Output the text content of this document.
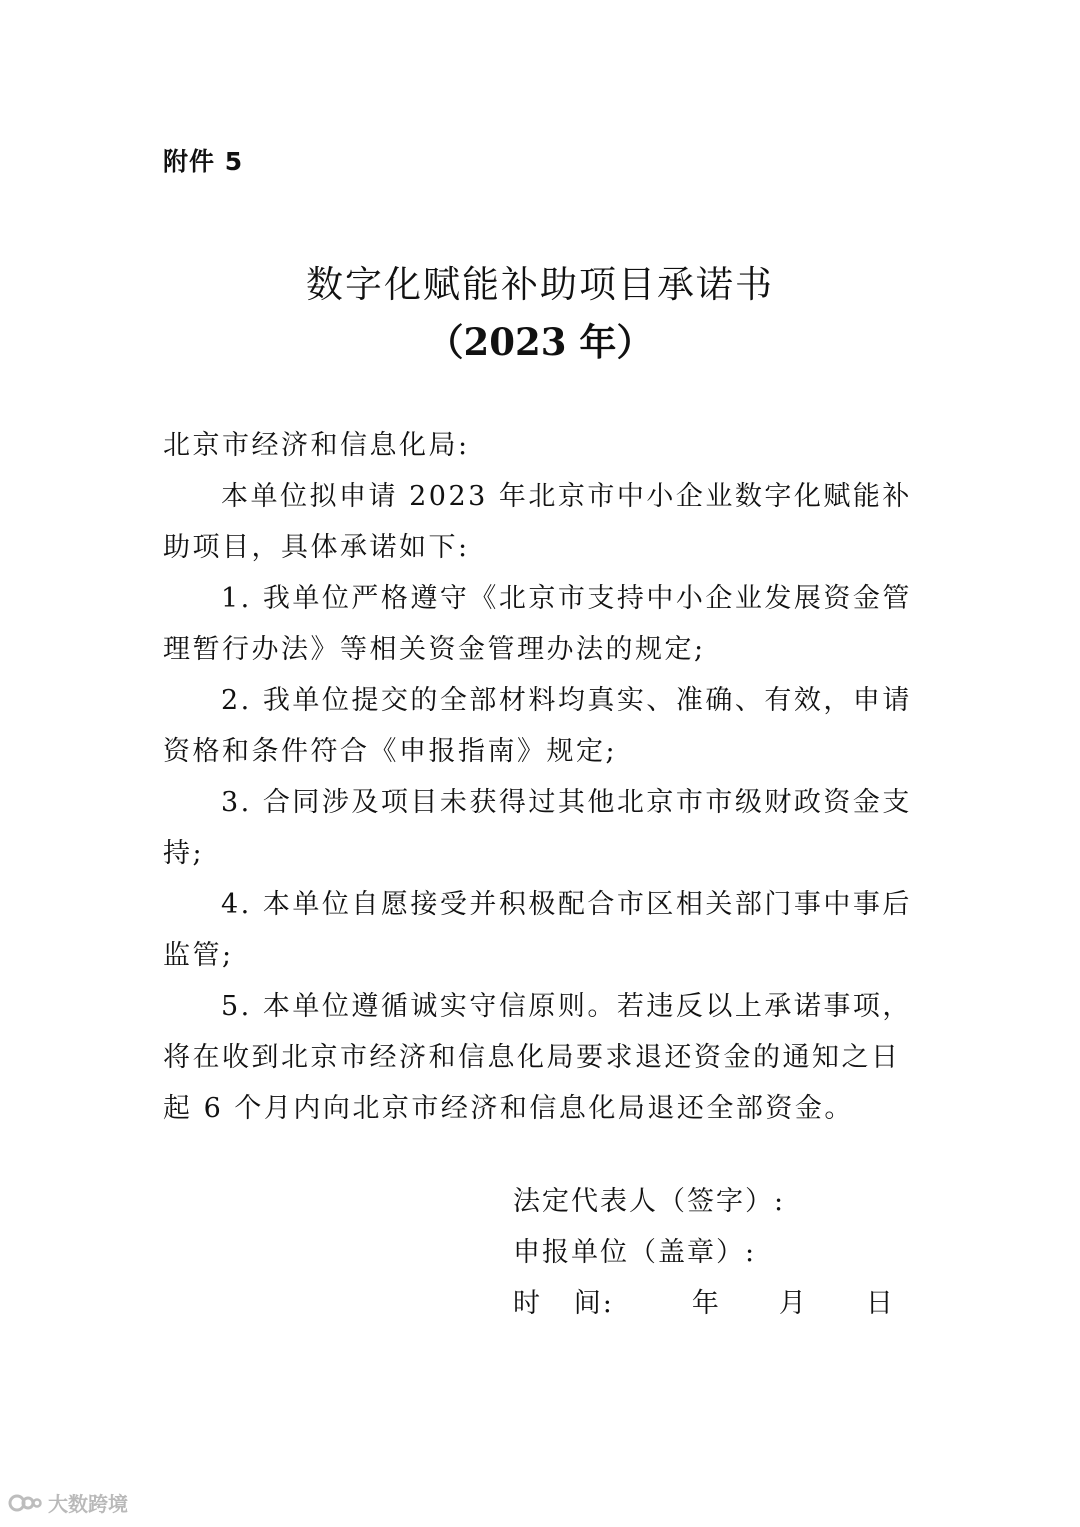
附件 5
数字化赋能补助项目承诺书
（2023 年）

北京市经济和信息化局:

本单位拟申请 2023 年北京市中小企业数字化赋能补助项目，具体承诺如下:

1. 我单位严格遵守《北京市支持中小企业发展资金管理暂行办法》等相关资金管理办法的规定;

2. 我单位提交的全部材料均真实、准确、有效，申请资格和条件符合《申报指南》规定;

3. 合同涉及项目未获得过其他北京市市级财政资金支持;

4. 本单位自愿接受并积极配合市区相关部门事中事后监管;

5. 本单位遵循诚实守信原则。若违反以上承诺事项，将在收到北京市经济和信息化局要求退还资金的通知之日起 6 个月内向北京市经济和信息化局退还全部资金。

法定代表人（签字）:

申报单位（盖章）:

时   间:	年 月 日

大数跨境
